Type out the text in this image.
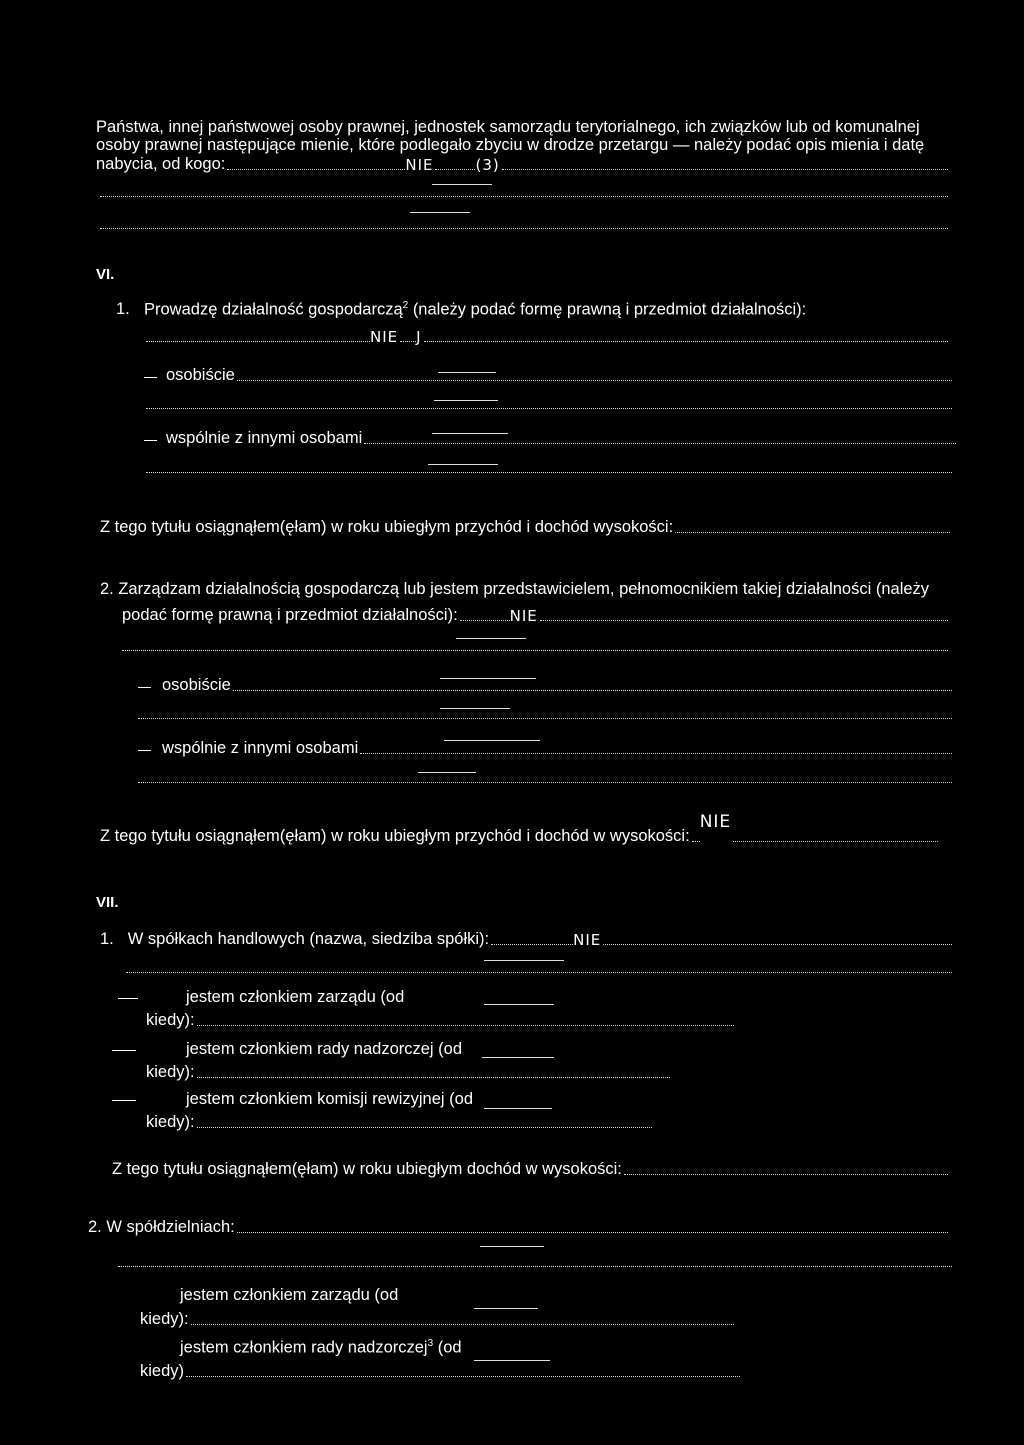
Państwa, innej państwowej osoby prawnej, jednostek samorządu terytorialnego, ich związków lub od komunalnej
osoby prawnej następujące mienie, które podlegało zbyciu w drodze przetargu — należy podać opis mienia i datę
nabycia, od kogo:	NIE	(3)
VI.
1. Prowadzę działalność gospodarczą$^2$ (należy podać formę prawną i przedmiot działalności):
NIE J
osobiście
wspólnie z innymi osobami
Z tego tytułu osiągnąłem(ęłam) w roku ubiegłym przychód i dochód wysokości:
2. Zarządzam działalnością gospodarczą lub jestem przedstawicielem, pełnomocnikiem takiej działalności (należy
podać formę prawną i przedmiot działalności):	NIE
osobiście
wspólnie z innymi osobami
Z tego tytułu osiągnąłem(ęłam) w roku ubiegłym przychód i dochód w wysokości:
NIE
VII.
1. W spółkach handlowych (nazwa, siedziba spółki):	NIE
jestem członkiem zarządu (od
kiedy):
jestem członkiem rady nadzorczej (od
kiedy):
jestem członkiem komisji rewizyjnej (od
kiedy):
Z tego tytułu osiągnąłem(ęłam) w roku ubiegłym dochód w wysokości:
2. W spółdzielniach:
jestem członkiem zarządu (od
kiedy):
jestem członkiem rady nadzorczej$^3$ (od
kiedy)
